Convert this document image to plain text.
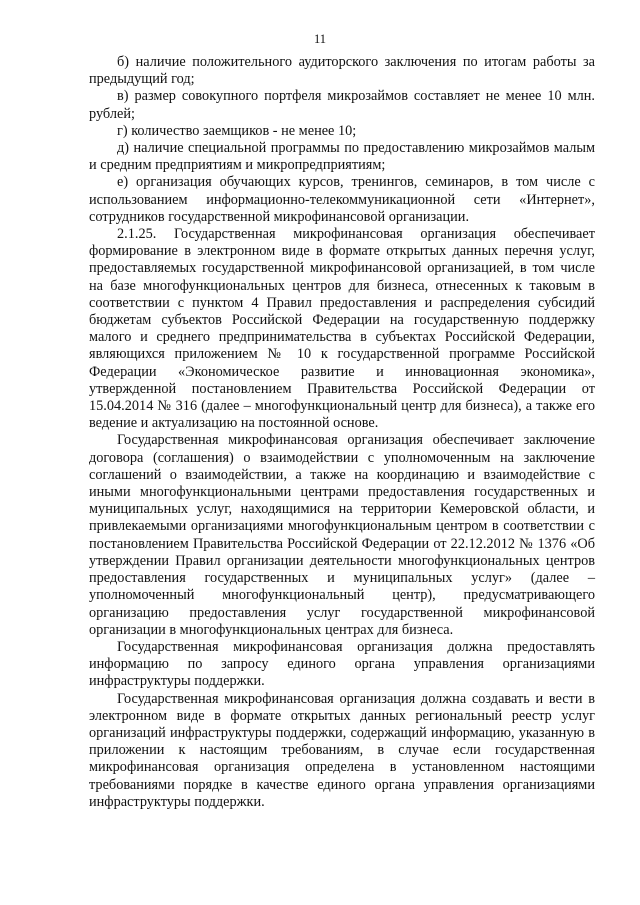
11

б) наличие положительного аудиторского заключения по итогам работы за предыдущий год;

в) размер совокупного портфеля микрозаймов составляет не менее 10 млн. рублей;

г) количество заемщиков - не менее 10;

д) наличие специальной программы по предоставлению микрозаймов малым и средним предприятиям и микропредприятиям;

е) организация обучающих курсов, тренингов, семинаров, в том числе с использованием информационно-телекоммуникационной сети «Интернет», сотрудников государственной микрофинансовой организации.

2.1.25. Государственная микрофинансовая организация обеспечивает формирование в электронном виде в формате открытых данных перечня услуг, предоставляемых государственной микрофинансовой организацией, в том числе на базе многофункциональных центров для бизнеса, отнесенных к таковым в соответствии с пунктом 4 Правил предоставления и распределения субсидий бюджетам субъектов Российской Федерации на государственную поддержку малого и среднего предпринимательства в субъектах Российской Федерации, являющихся приложением № 10 к государственной программе Российской Федерации «Экономическое развитие и инновационная экономика», утвержденной постановлением Правительства Российской Федерации от 15.04.2014 № 316 (далее – многофункциональный центр для бизнеса), а также его ведение и актуализацию на постоянной основе.

Государственная микрофинансовая организация обеспечивает заключение договора (соглашения) о взаимодействии с уполномоченным на заключение соглашений о взаимодействии, а также на координацию и взаимодействие с иными многофункциональными центрами предоставления государственных и муниципальных услуг, находящимися на территории Кемеровской области, и привлекаемыми организациями многофункциональным центром в соответствии с постановлением Правительства Российской Федерации от 22.12.2012 № 1376 «Об утверждении Правил организации деятельности многофункциональных центров предоставления государственных и муниципальных услуг» (далее – уполномоченный многофункциональный центр), предусматривающего организацию предоставления услуг государственной микрофинансовой организации в многофункциональных центрах для бизнеса.

Государственная микрофинансовая организация должна предоставлять информацию по запросу единого органа управления организациями инфраструктуры поддержки.

Государственная микрофинансовая организация должна создавать и вести в электронном виде в формате открытых данных региональный реестр услуг организаций инфраструктуры поддержки, содержащий информацию, указанную в приложении к настоящим требованиям, в случае если государственная микрофинансовая организация определена в установленном настоящими требованиями порядке в качестве единого органа управления организациями инфраструктуры поддержки.
